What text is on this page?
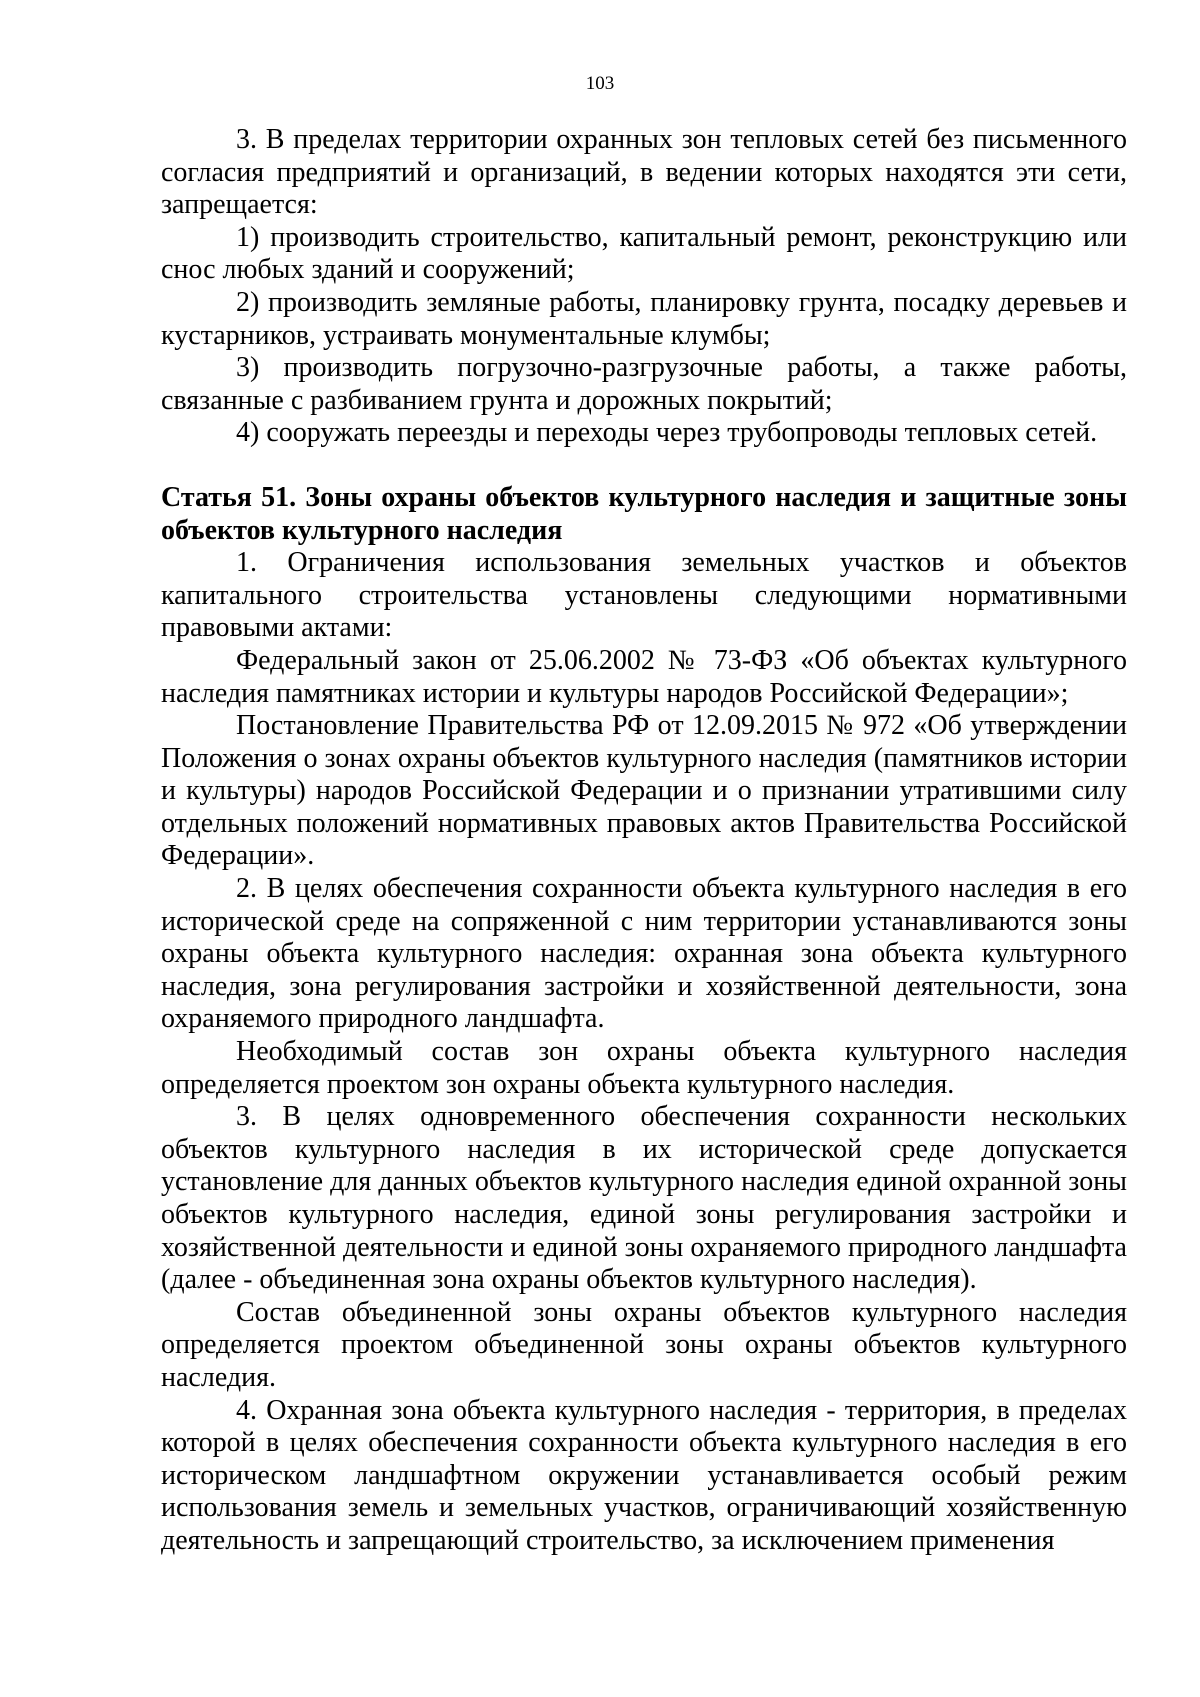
103

3. В пределах территории охранных зон тепловых сетей без письменного согласия предприятий и организаций, в ведении которых находятся эти сети, запрещается:

1) производить строительство, капитальный ремонт, реконструкцию или снос любых зданий и сооружений;

2) производить земляные работы, планировку грунта, посадку деревьев и кустарников, устраивать монументальные клумбы;

3) производить погрузочно-разгрузочные работы, а также работы, связанные с разбиванием грунта и дорожных покрытий;

4) сооружать переезды и переходы через трубопроводы тепловых сетей.

Статья 51. Зоны охраны объектов культурного наследия и защитные зоны объектов культурного наследия

1. Ограничения использования земельных участков и объектов капитального строительства установлены следующими нормативными правовыми актами:

Федеральный закон от 25.06.2002 № 73-ФЗ «Об объектах культурного наследия памятниках истории и культуры народов Российской Федерации»;

Постановление Правительства РФ от 12.09.2015 № 972 «Об утверждении Положения о зонах охраны объектов культурного наследия (памятников истории и культуры) народов Российской Федерации и о признании утратившими силу отдельных положений нормативных правовых актов Правительства Российской Федерации».

2. В целях обеспечения сохранности объекта культурного наследия в его исторической среде на сопряженной с ним территории устанавливаются зоны охраны объекта культурного наследия: охранная зона объекта культурного наследия, зона регулирования застройки и хозяйственной деятельности, зона охраняемого природного ландшафта.

Необходимый состав зон охраны объекта культурного наследия определяется проектом зон охраны объекта культурного наследия.

3. В целях одновременного обеспечения сохранности нескольких объектов культурного наследия в их исторической среде допускается установление для данных объектов культурного наследия единой охранной зоны объектов культурного наследия, единой зоны регулирования застройки и хозяйственной деятельности и единой зоны охраняемого природного ландшафта (далее - объединенная зона охраны объектов культурного наследия).

Состав объединенной зоны охраны объектов культурного наследия определяется проектом объединенной зоны охраны объектов культурного наследия.

4. Охранная зона объекта культурного наследия - территория, в пределах которой в целях обеспечения сохранности объекта культурного наследия в его историческом ландшафтном окружении устанавливается особый режим использования земель и земельных участков, ограничивающий хозяйственную деятельность и запрещающий строительство, за исключением применения
